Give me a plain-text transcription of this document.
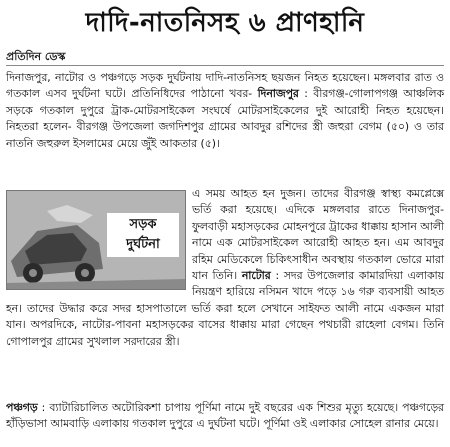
দাদি-নাতনিসহ ৬ প্রাণহানি
প্রতিদিন ডেস্ক

দিনাজপুর, নাটোর ও পঞ্চগড়ে সড়ক দুর্ঘটনায় দাদি-নাতনিসহ ছয়জন নিহত হয়েছেন। মঙ্গলবার রাত ও গতকাল এসব দুর্ঘটনা ঘটে। প্রতিনিধিদের পাঠানো খবর- দিনাজপুর : বীরগঞ্জ-গোলাপগঞ্জ আঞ্চলিক সড়কে গতকাল দুপুরে ট্রাক-মোটরসাইকেল সংঘর্ষে মোটরসাইকেলের দুই আরোহী নিহত হয়েছেন। নিহতরা হলেন- বীরগঞ্জ উপজেলা জগদিশপুর গ্রামের আবদুর রশিদের স্ত্রী জহুরা বেগম (৫০) ও তার নাতনি জহুরুল ইসলামের মেয়ে জুঁই আকতার (৫)।

সড়ক
দুর্ঘটনা

এ সময় আহত হন দুজন। তাদের বীরগঞ্জ স্বাস্থ্য কমপ্লেক্সে ভর্তি করা হয়েছে। এদিকে মঙ্গলবার রাতে দিনাজপুর-ফুলবাড়ী মহাসড়কের মোহনপুরে ট্রাকের ধাক্কায় হাসান আলী নামে এক মোটরসাইকেল আরোহী আহত হন। এম আবদুর রহিম মেডিকেলে চিকিৎসাধীন অবস্থায় গতকাল ভোরে মারা যান তিনি। নাটোর : সদর উপজেলার কামারদিয়া এলাকায় নিয়ন্ত্রণ হারিয়ে নসিমন খাদে পড়ে ১৬ গরু ব্যবসায়ী আহত হন। তাদের উদ্ধার করে সদর হাসপাতালে ভর্তি করা হলে সেখানে সাইফত আলী নামে একজন মারা যান। অপরদিকে, নাটোর-পাবনা মহাসড়কের বাসের ধাক্কায় মারা গেছেন পথচারী রাহেলা বেগম। তিনি গোপালপুর গ্রামের সুখলাল সরদারের স্ত্রী।

পঞ্চগড় : ব্যাটারিচালিত অটোরিকশা চাপায় পূর্ণিমা নামে দুই বছরের এক শিশুর মৃত্যু হয়েছে। পঞ্চগড়ের হাঁড়িভাসা আমবাড়ি এলাকায় গতকাল দুপুরে এ দুর্ঘটনা ঘটে। পূর্ণিমা ওই এলাকার সোহেল রানার মেয়ে।
